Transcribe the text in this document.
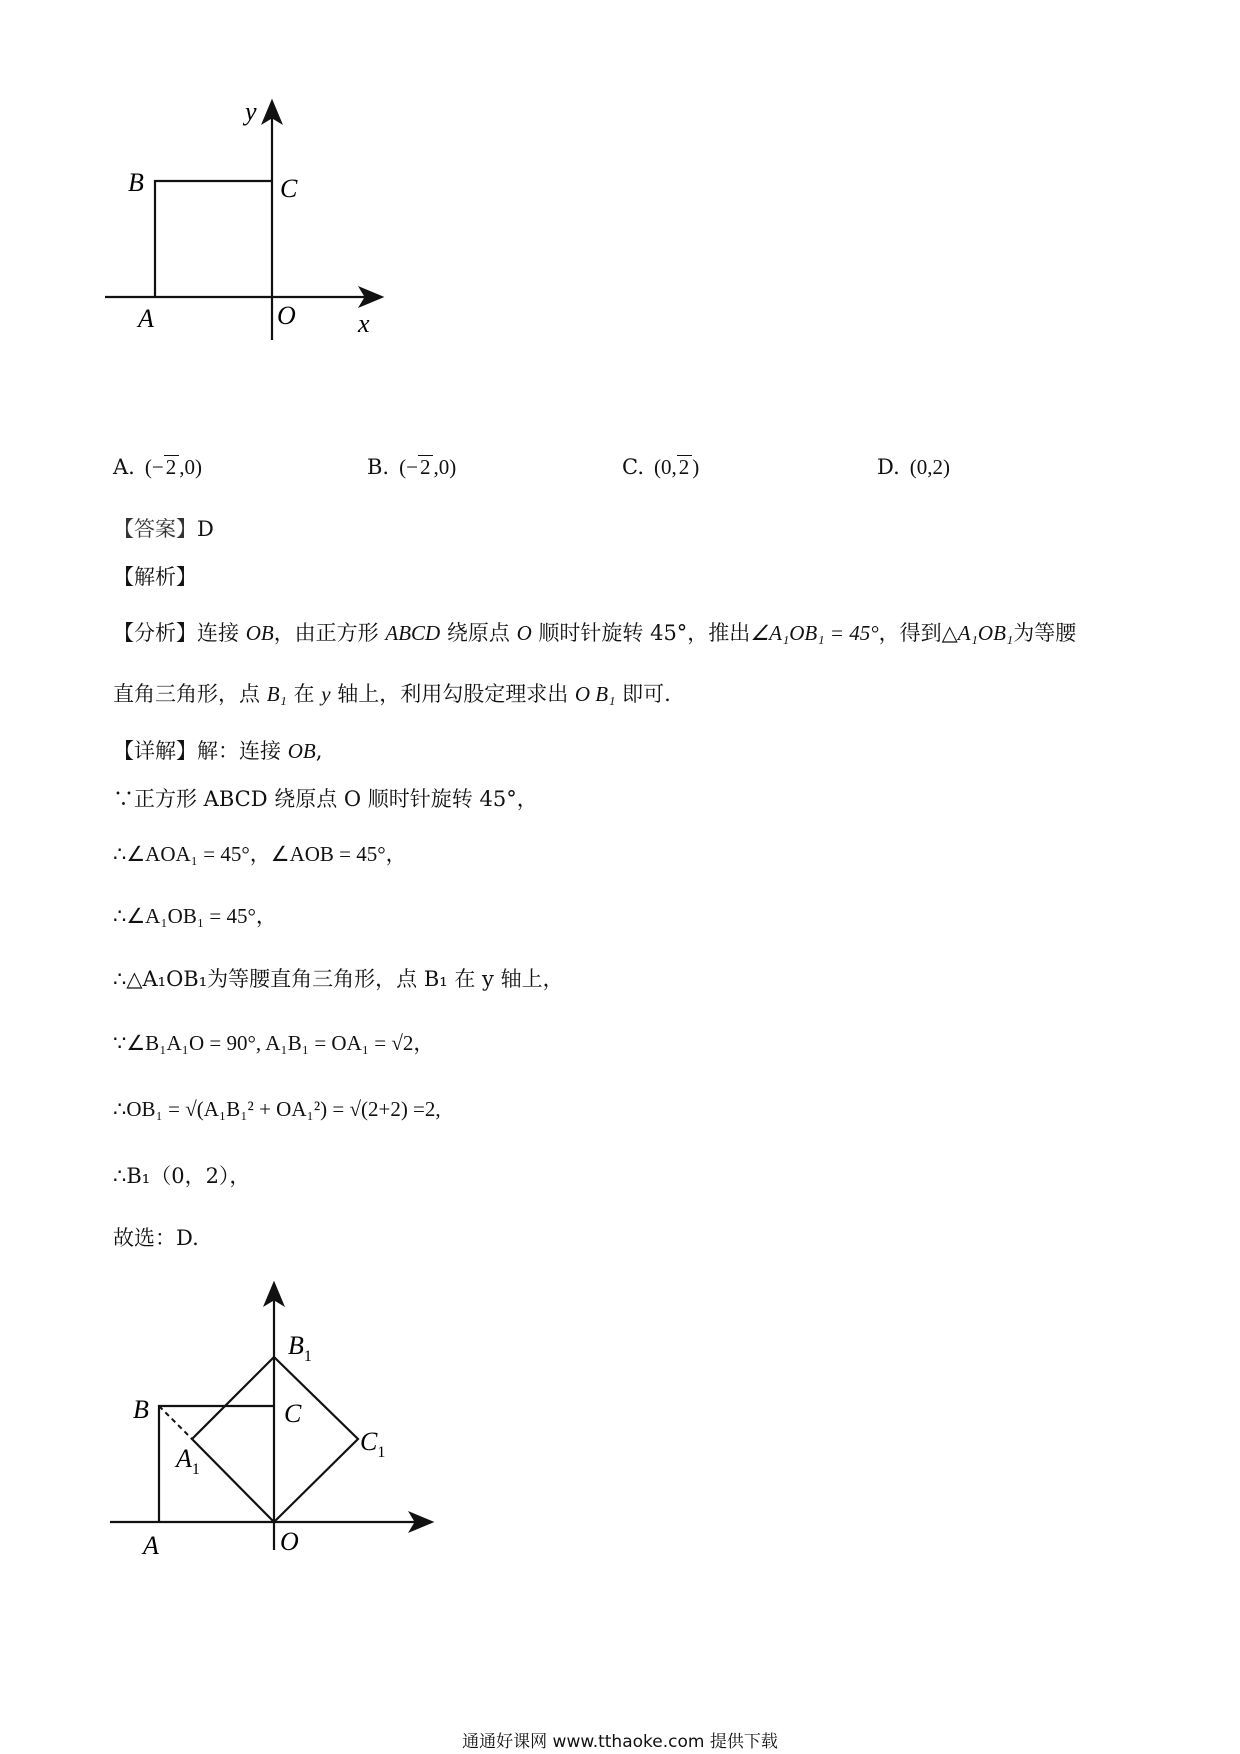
y
B	C
A	O x
A. (−2 ,0)	B. (−2 ,0)	C. (0,2 )	D. (0,2)
【答案】D
【解析】
【分析】连接 OB，由正方形 ABCD 绕原点 O 顺时针旋转 45°，推出∠A₁OB₁ = 45°，得到△A₁OB₁为等腰
直角三角形，点 B₁ 在 y 轴上，利用勾股定理求出 O B₁ 即可.
【详解】解：连接 OB,
∵正方形 ABCD 绕原点 O 顺时针旋转 45°，
∴∠AOA₁ = 45°，∠AOB = 45°，
∴∠A₁OB₁ = 45°，
∴△A₁OB₁为等腰直角三角形，点 B₁ 在 y 轴上，
∵∠B₁A₁O = 90°, A₁B₁ = OA₁ = √2，
∴OB₁ = √(A₁B₁² + OA₁²) = √(2+2) =2,
∴B₁（0，2），
故选：D.
$B_1$
B	C
$C_1$
$A_1$
A	O
通通好课网 www.tthaoke.com 提供下载
